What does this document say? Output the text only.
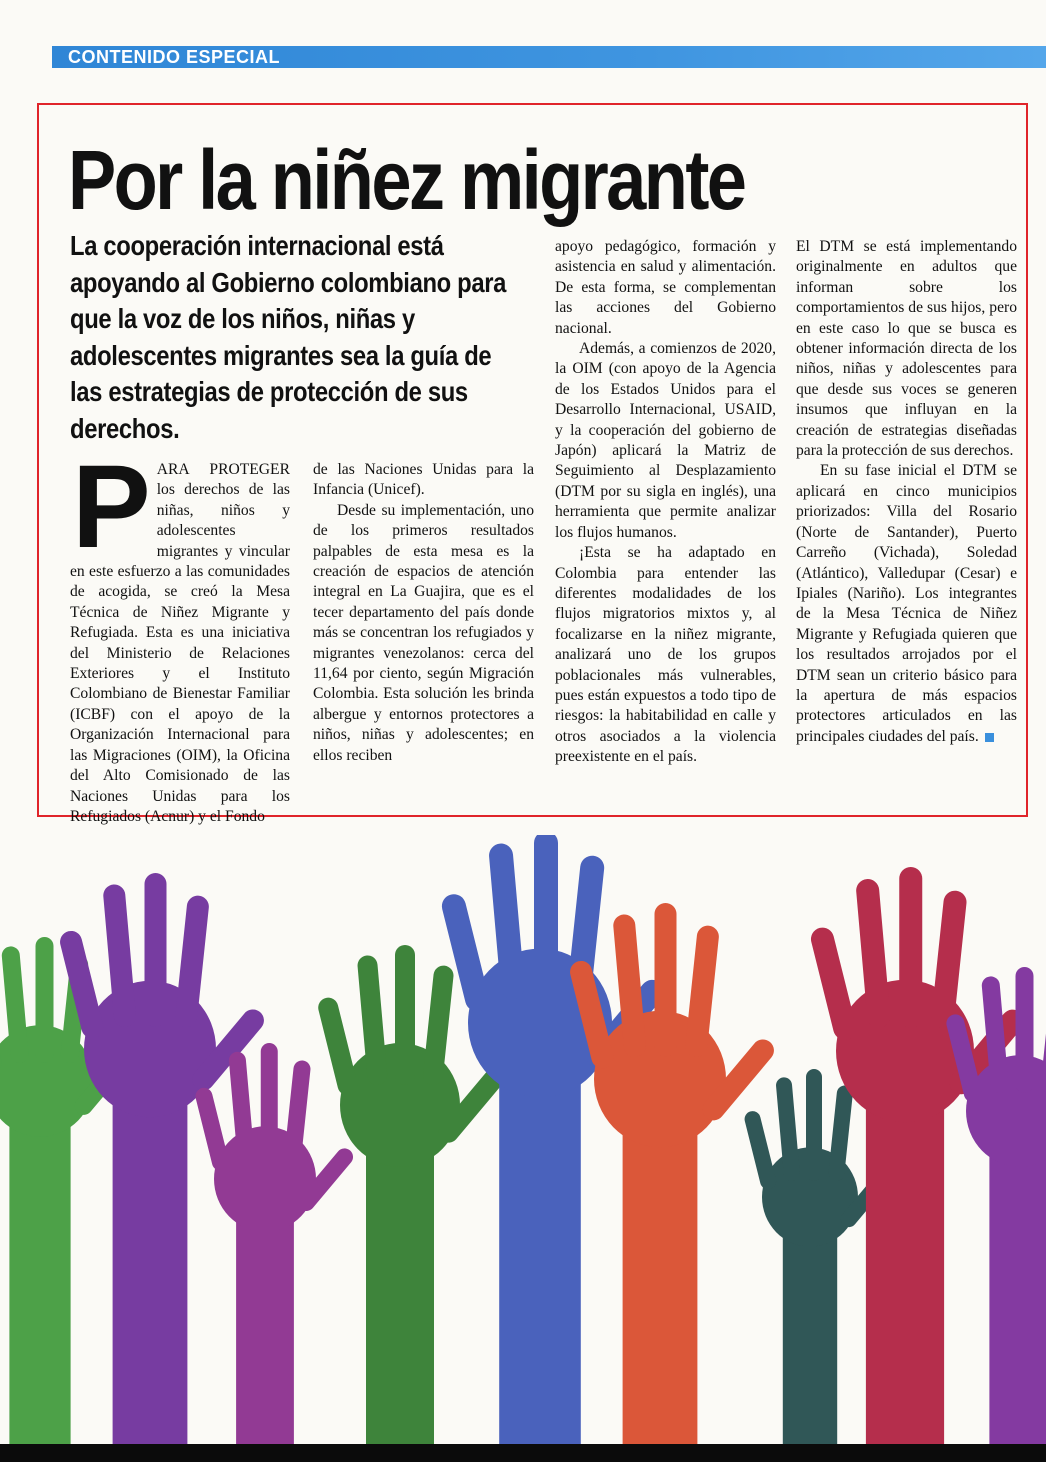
CONTENIDO ESPECIAL
Por la niñez migrante
La cooperación internacional está apoyando al Gobierno colombiano para que la voz de los niños, niñas y adolescentes migrantes sea la guía de las estrategias de protección de sus derechos.

PARA PROTEGER los derechos de las niñas, niños y adolescentes migrantes y vincular en este esfuerzo a las comunidades de acogida, se creó la Mesa Técnica de Niñez Migrante y Refugiada. Esta es una iniciativa del Ministerio de Relaciones Exteriores y el Instituto Colombiano de Bienestar Familiar (ICBF) con el apoyo de la Organización Internacional para las Migraciones (OIM), la Oficina del Alto Comisionado de las Naciones Unidas para los Refugiados (Acnur) y el Fondo

de las Naciones Unidas para la Infancia (Unicef).

Desde su implementación, uno de los primeros resultados palpables de esta mesa es la creación de espacios de atención integral en La Guajira, que es el tecer departamento del país donde más se concentran los refugiados y migrantes venezolanos: cerca del 11,64 por ciento, según Migración Colombia. Esta solución les brinda albergue y entornos protectores a niños, niñas y adolescentes; en ellos reciben

apoyo pedagógico, formación y asistencia en salud y alimentación. De esta forma, se complementan las acciones del Gobierno nacional.

Además, a comienzos de 2020, la OIM (con apoyo de la Agencia de los Estados Unidos para el Desarrollo Internacional, USAID, y la cooperación del gobierno de Japón) aplicará la Matriz de Seguimiento al Desplazamiento (DTM por su sigla en inglés), una herramienta que permite analizar los flujos humanos.

¡Esta se ha adaptado en Colombia para entender las diferentes modalidades de los flujos migratorios mixtos y, al focalizarse en la niñez migrante, analizará uno de los grupos poblacionales más vulnerables, pues están expuestos a todo tipo de riesgos: la habitabilidad en calle y otros asociados a la violencia preexistente en el país.

El DTM se está implementando originalmente en adultos que informan sobre los comportamientos de sus hijos, pero en este caso lo que se busca es obtener información directa de los niños, niñas y adolescentes para que desde sus voces se generen insumos que influyan en la creación de estrategias diseñadas para la protección de sus derechos.

En su fase inicial el DTM se aplicará en cinco municipios priorizados: Villa del Rosario (Norte de Santander), Puerto Carreño (Vichada), Soledad (Atlántico), Valledupar (Cesar) e Ipiales (Nariño). Los integrantes de la Mesa Técnica de Niñez Migrante y Refugiada quieren que los resultados arrojados por el DTM sean un criterio básico para la apertura de más espacios protectores articulados en las principales ciudades del país.
